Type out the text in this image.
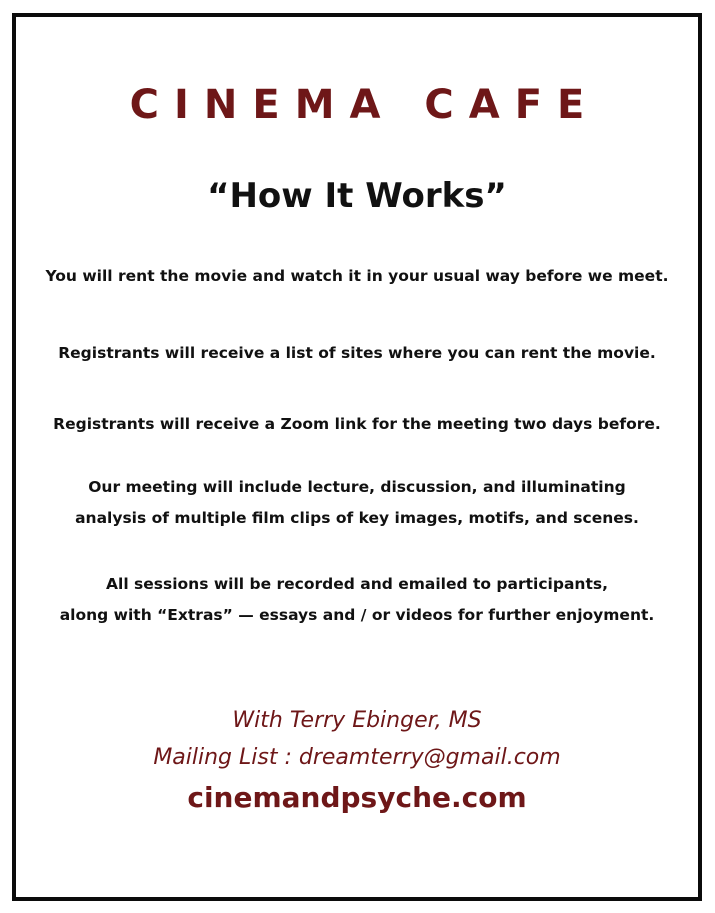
CINEMA CAFE
“How It Works”
You will rent the movie and watch it in your usual way before we meet.
Registrants will receive a list of sites where you can rent the movie.
Registrants will receive a Zoom link for the meeting two days before.
Our meeting will include lecture, discussion, and illuminating
analysis of multiple film clips of key images, motifs, and scenes.
All sessions will be recorded and emailed to participants,
along with “Extras” — essays and / or videos for further enjoyment.
With Terry Ebinger, MS
Mailing List : dreamterry@gmail.com
cinemandpsyche.com
